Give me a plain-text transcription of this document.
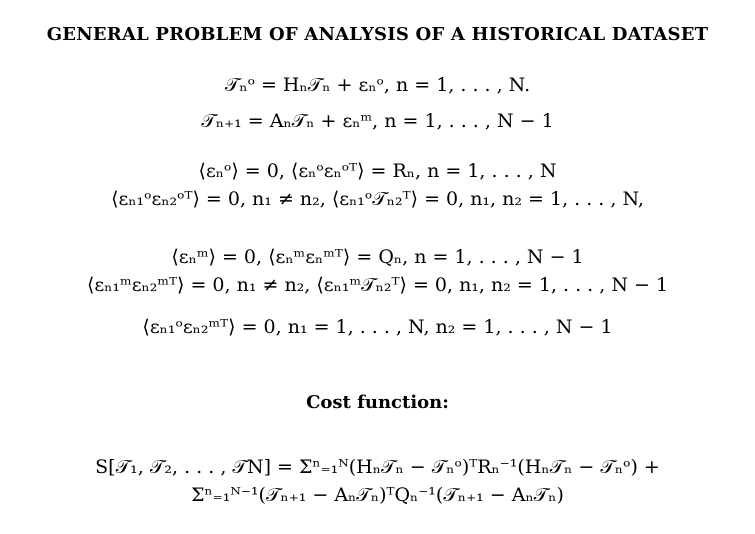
GENERAL PROBLEM OF ANALYSIS OF A HISTORICAL DATASET
𝒯ₙᵒ = Hₙ𝒯ₙ + εₙᵒ, n = 1, . . . , N.
𝒯ₙ₊₁ = Aₙ𝒯ₙ + εₙᵐ, n = 1, . . . , N − 1
⟨εₙᵒ⟩ = 0, ⟨εₙᵒεₙᵒᵀ⟩ = Rₙ, n = 1, . . . , N
⟨εₙ₁ᵒεₙ₂ᵒᵀ⟩ = 0, n₁ ≠ n₂, ⟨εₙ₁ᵒ𝒯ₙ₂ᵀ⟩ = 0, n₁, n₂ = 1, . . . , N,
⟨εₙᵐ⟩ = 0, ⟨εₙᵐεₙᵐᵀ⟩ = Qₙ, n = 1, . . . , N − 1
⟨εₙ₁ᵐεₙ₂ᵐᵀ⟩ = 0, n₁ ≠ n₂, ⟨εₙ₁ᵐ𝒯ₙ₂ᵀ⟩ = 0, n₁, n₂ = 1, . . . , N − 1
⟨εₙ₁ᵒεₙ₂ᵐᵀ⟩ = 0, n₁ = 1, . . . , N, n₂ = 1, . . . , N − 1
Cost function:
S[𝒯₁, 𝒯₂, . . . , 𝒯N] = Σⁿ₌₁ᴺ(Hₙ𝒯ₙ − 𝒯ₙᵒ)ᵀRₙ⁻¹(Hₙ𝒯ₙ − 𝒯ₙᵒ) +
Σⁿ₌₁ᴺ⁻¹(𝒯ₙ₊₁ − Aₙ𝒯ₙ)ᵀQₙ⁻¹(𝒯ₙ₊₁ − Aₙ𝒯ₙ)
